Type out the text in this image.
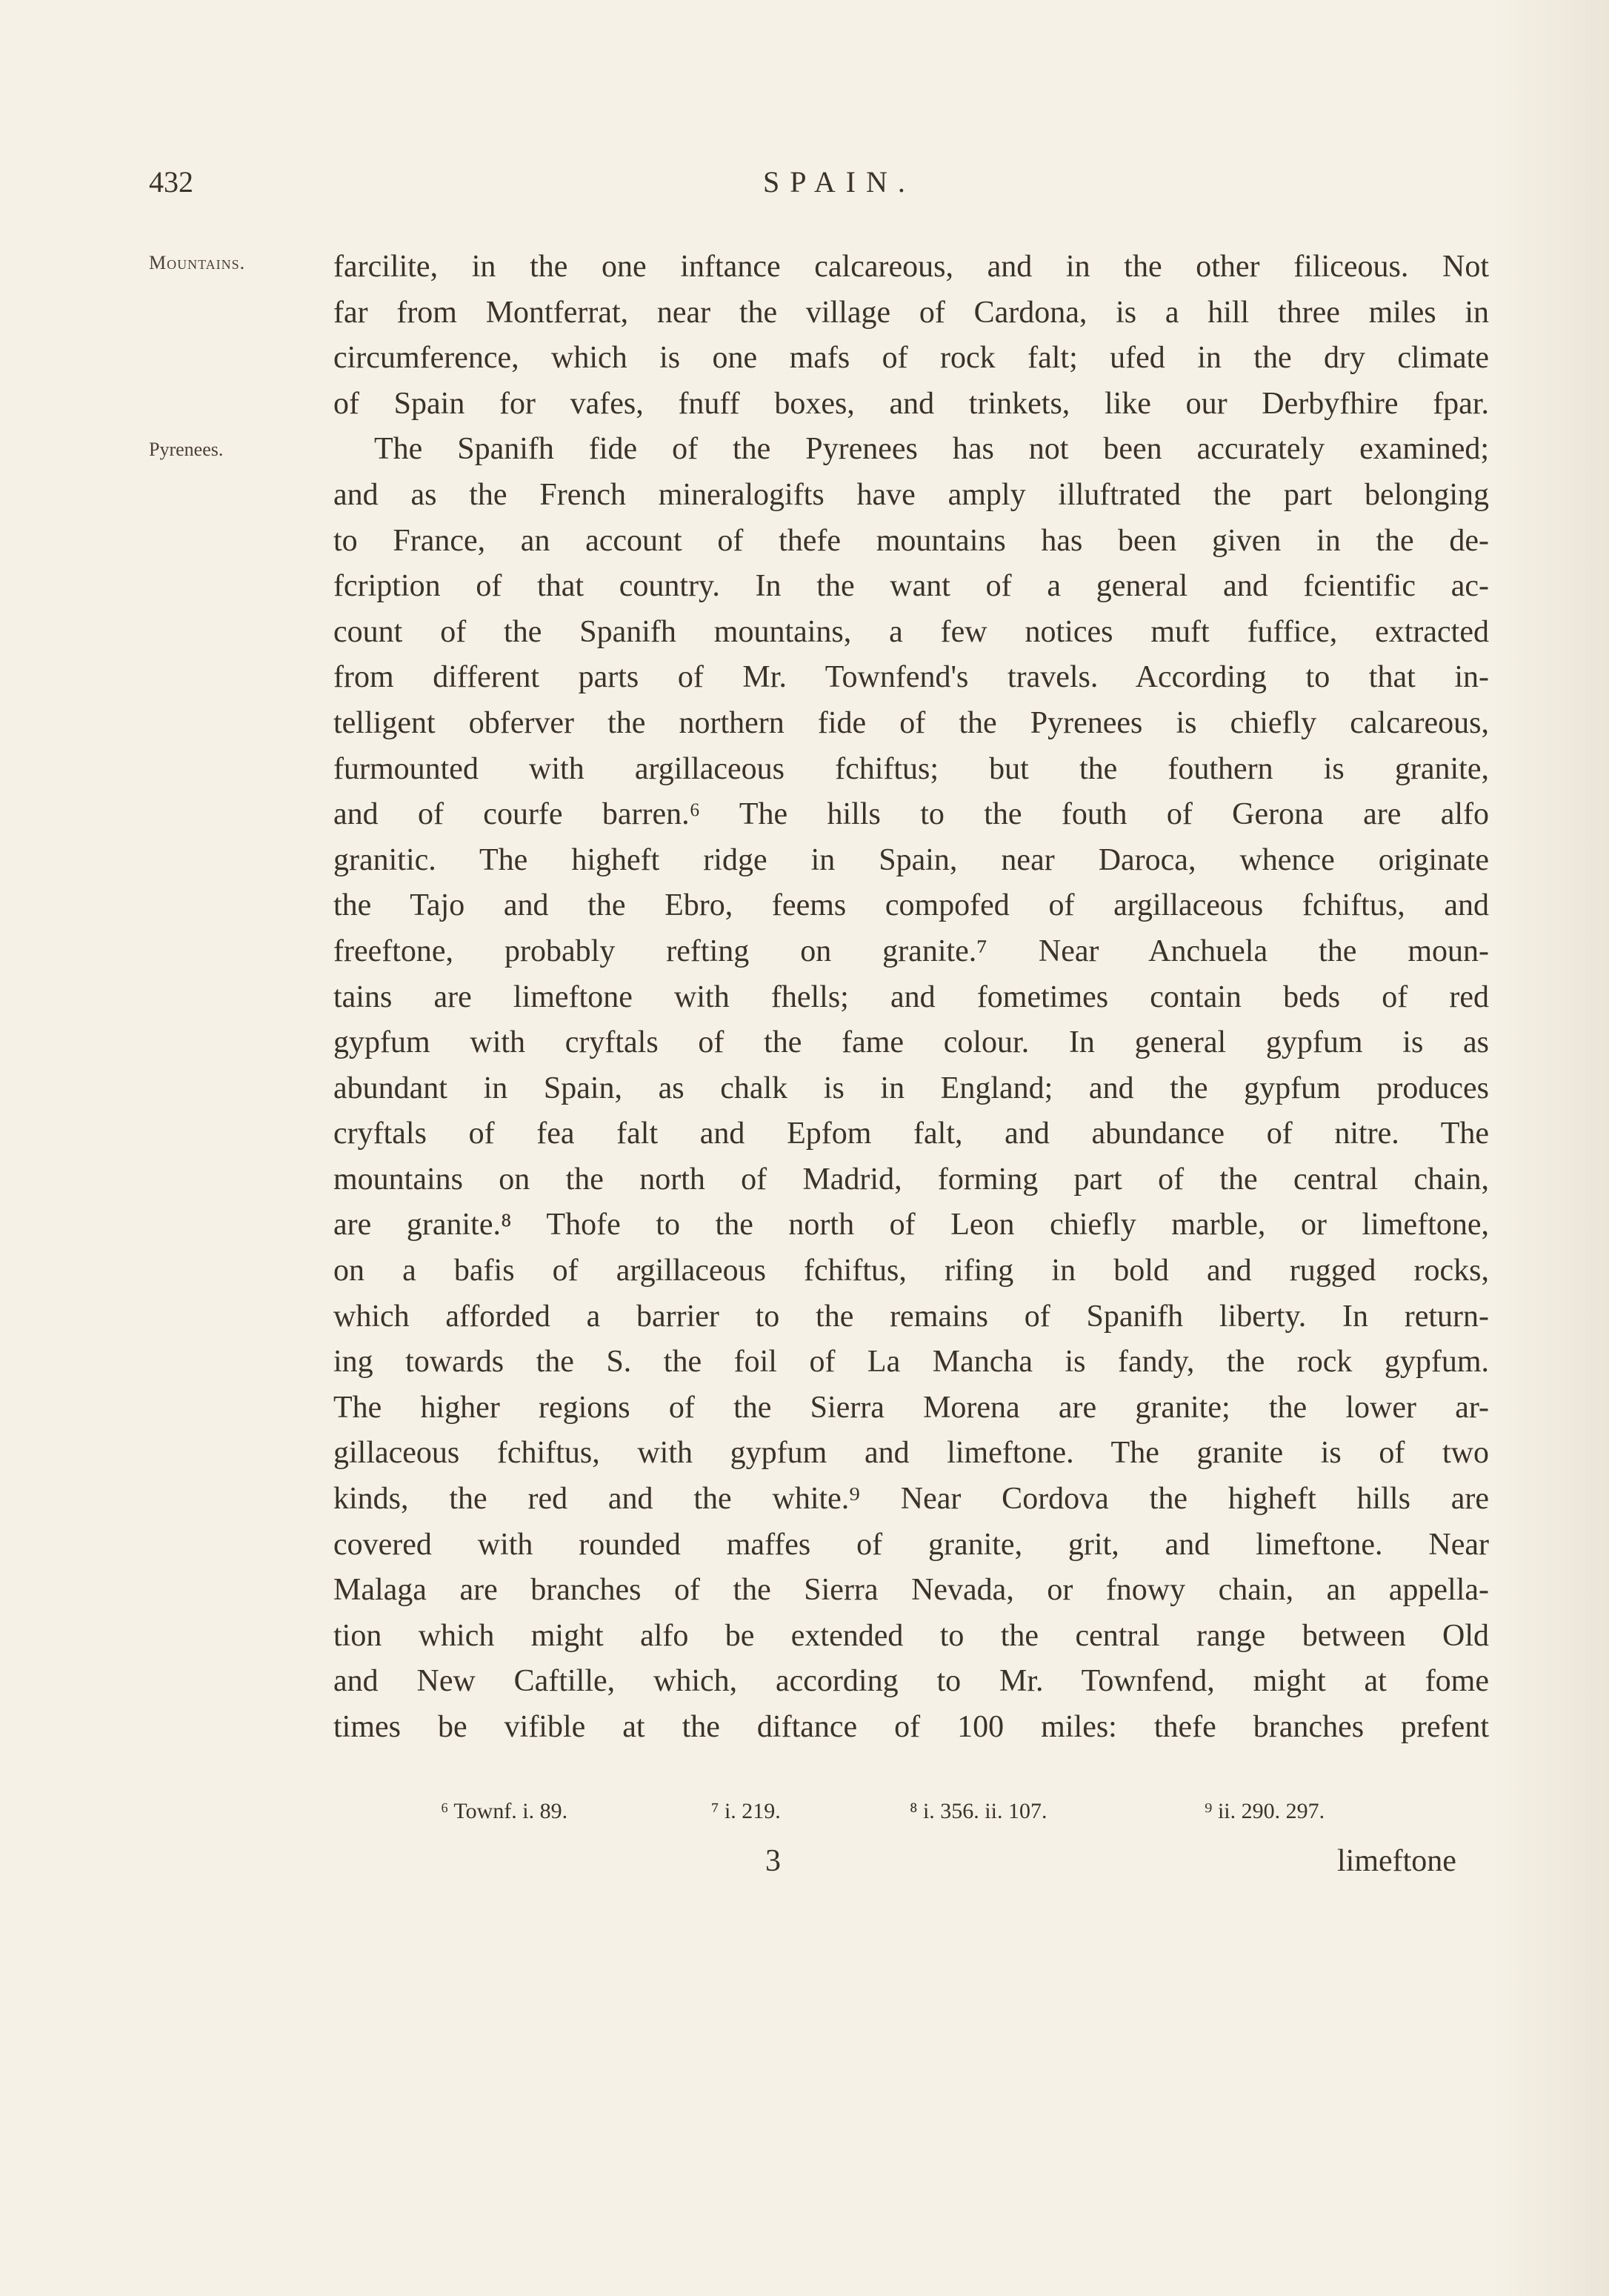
432	SPAIN.
Mountains.
Pyrenees.
farcilite, in the one inftance calcareous, and in the other filiceous. Not
far from Montferrat, near the village of Cardona, is a hill three miles in
circumference, which is one mafs of rock falt; ufed in the dry climate
of Spain for vafes, fnuff boxes, and trinkets, like our Derbyfhire fpar.
The Spanifh fide of the Pyrenees has not been accurately examined;
and as the French mineralogifts have amply illuftrated the part belonging
to France, an account of thefe mountains has been given in the de-
fcription of that country. In the want of a general and fcientific ac-
count of the Spanifh mountains, a few notices muft fuffice, extracted
from different parts of Mr. Townfend's travels. According to that in-
telligent obferver the northern fide of the Pyrenees is chiefly calcareous,
furmounted with argillaceous fchiftus; but the fouthern is granite,
and of courfe barren.⁶ The hills to the fouth of Gerona are alfo
granitic. The higheft ridge in Spain, near Daroca, whence originate
the Tajo and the Ebro, feems compofed of argillaceous fchiftus, and
freeftone, probably refting on granite.⁷ Near Anchuela the moun-
tains are limeftone with fhells; and fometimes contain beds of red
gypfum with cryftals of the fame colour. In general gypfum is as
abundant in Spain, as chalk is in England; and the gypfum produces
cryftals of fea falt and Epfom falt, and abundance of nitre. The
mountains on the north of Madrid, forming part of the central chain,
are granite.⁸ Thofe to the north of Leon chiefly marble, or limeftone,
on a bafis of argillaceous fchiftus, rifing in bold and rugged rocks,
which afforded a barrier to the remains of Spanifh liberty. In return-
ing towards the S. the foil of La Mancha is fandy, the rock gypfum.
The higher regions of the Sierra Morena are granite; the lower ar-
gillaceous fchiftus, with gypfum and limeftone. The granite is of two
kinds, the red and the white.⁹ Near Cordova the higheft hills are
covered with rounded maffes of granite, grit, and limeftone. Near
Malaga are branches of the Sierra Nevada, or fnowy chain, an appella-
tion which might alfo be extended to the central range between Old
and New Caftille, which, according to Mr. Townfend, might at fome
times be vifible at the diftance of 100 miles: thefe branches prefent
⁶ Townf. i. 89.	⁷ i. 219.	⁸ i. 356. ii. 107.	⁹ ii. 290. 297.
3	limeftone
